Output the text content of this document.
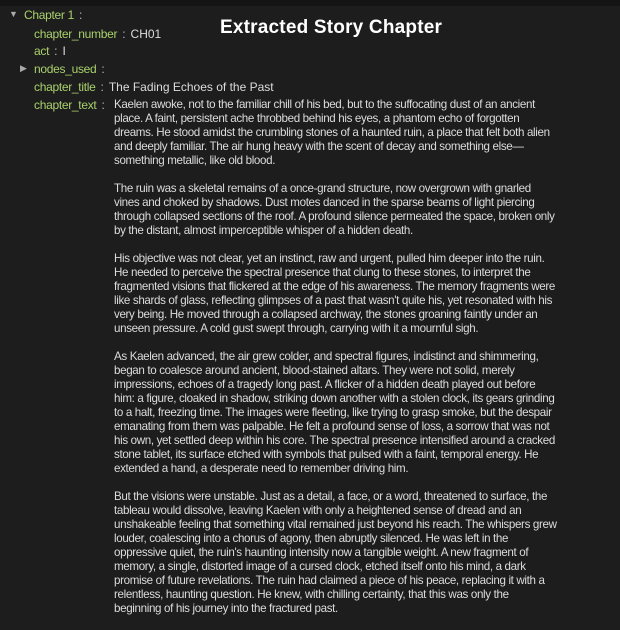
Extracted Story Chapter
▼ Chapter 1 :
chapter_number : CH01
act : I
▶ nodes_used :
chapter_title : The Fading Echoes of the Past
chapter_text : Kaelen awoke, not to the familiar chill of his bed, but to the suffocating dust of an ancient
place. A faint, persistent ache throbbed behind his eyes, a phantom echo of forgotten
dreams. He stood amidst the crumbling stones of a haunted ruin, a place that felt both alien
and deeply familiar. The air hung heavy with the scent of decay and something else—
something metallic, like old blood.
The ruin was a skeletal remains of a once-grand structure, now overgrown with gnarled
vines and choked by shadows. Dust motes danced in the sparse beams of light piercing
through collapsed sections of the roof. A profound silence permeated the space, broken only
by the distant, almost imperceptible whisper of a hidden death.
His objective was not clear, yet an instinct, raw and urgent, pulled him deeper into the ruin.
He needed to perceive the spectral presence that clung to these stones, to interpret the
fragmented visions that flickered at the edge of his awareness. The memory fragments were
like shards of glass, reflecting glimpses of a past that wasn't quite his, yet resonated with his
very being. He moved through a collapsed archway, the stones groaning faintly under an
unseen pressure. A cold gust swept through, carrying with it a mournful sigh.
As Kaelen advanced, the air grew colder, and spectral figures, indistinct and shimmering,
began to coalesce around ancient, blood-stained altars. They were not solid, merely
impressions, echoes of a tragedy long past. A flicker of a hidden death played out before
him: a figure, cloaked in shadow, striking down another with a stolen clock, its gears grinding
to a halt, freezing time. The images were fleeting, like trying to grasp smoke, but the despair
emanating from them was palpable. He felt a profound sense of loss, a sorrow that was not
his own, yet settled deep within his core. The spectral presence intensified around a cracked
stone tablet, its surface etched with symbols that pulsed with a faint, temporal energy. He
extended a hand, a desperate need to remember driving him.
But the visions were unstable. Just as a detail, a face, or a word, threatened to surface, the
tableau would dissolve, leaving Kaelen with only a heightened sense of dread and an
unshakeable feeling that something vital remained just beyond his reach. The whispers grew
louder, coalescing into a chorus of agony, then abruptly silenced. He was left in the
oppressive quiet, the ruin's haunting intensity now a tangible weight. A new fragment of
memory, a single, distorted image of a cursed clock, etched itself onto his mind, a dark
promise of future revelations. The ruin had claimed a piece of his peace, replacing it with a
relentless, haunting question. He knew, with chilling certainty, that this was only the
beginning of his journey into the fractured past.
